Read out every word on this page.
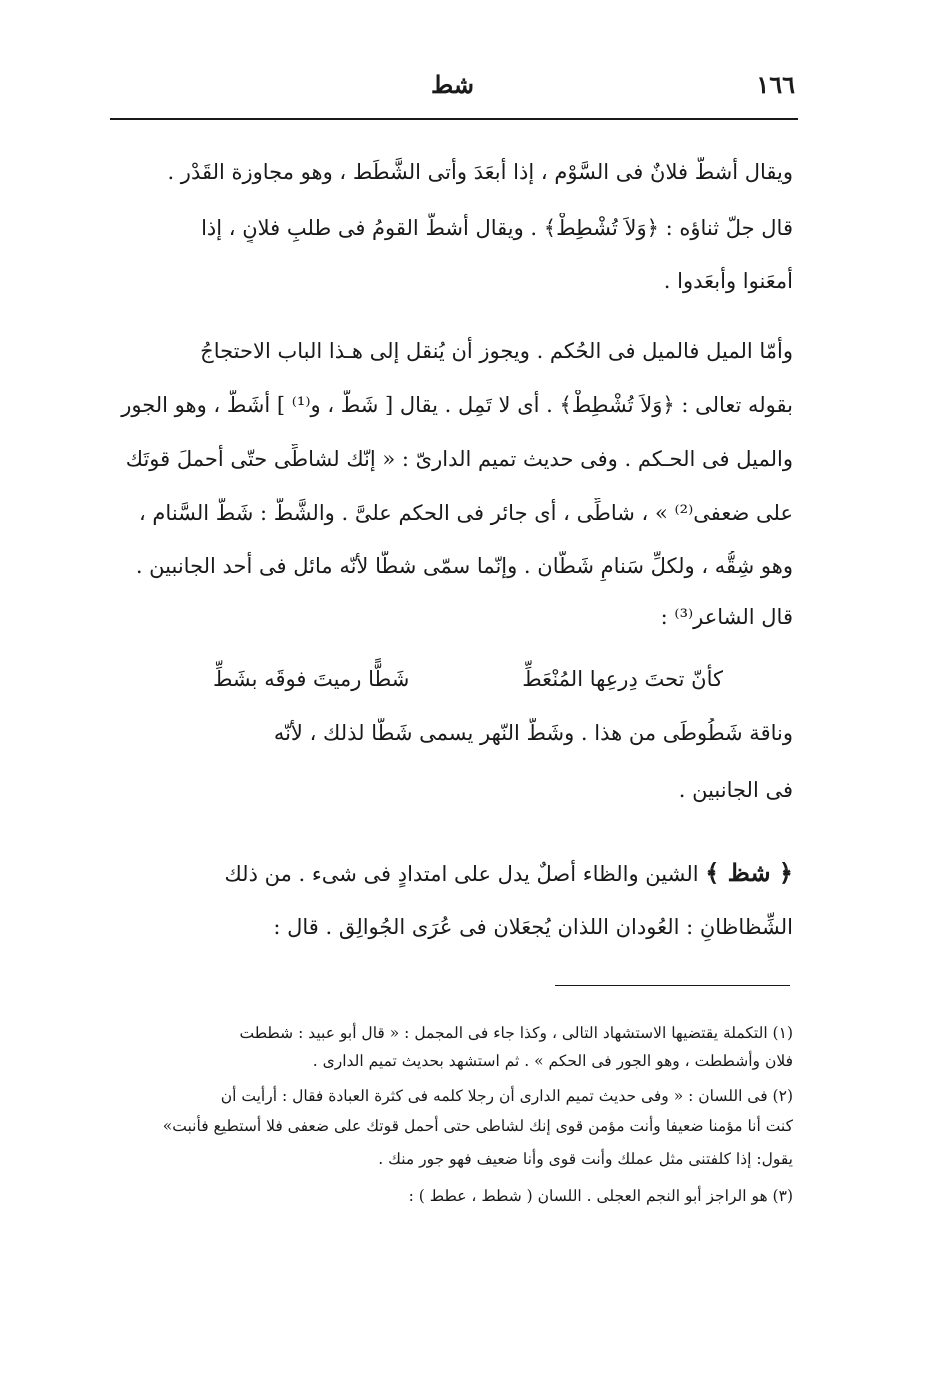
١٦٦
شط
ويقال أشطَّ فلانٌ فى السَّوْم ، إذا أبعَدَ وأتى الشَّطَط ، وهو مجاوزة القَدْر .
قال جلّ ثناؤه : ﴿وَلاَ تُشْطِطْ﴾ . ويقال أشطَّ القومُ فى طلبِ فلانٍ ، إذا
أمعَنوا وأبعَدوا .
وأمّا الميل فالميل فى الحُكم . ويجوز أن يُنقل إلى هـذا الباب الاحتجاجُ
بقوله تعالى : ﴿وَلاَ تُشْطِطْ﴾ . أى لا تَمِل . يقال [ شَطَّ ، و⁽¹⁾ ] أشَطَّ ، وهو الجور
والميل فى الحـكم . وفى حديث تميم الدارىّ : « إنّك لشاطِّى حتّى أحملَ قوتَك
على ضعفى⁽²⁾ » ، شاطِّى ، أى جائر فى الحكم علىَّ . والشَّطُّ : شَطُّ السَّنام ،
وهو شِقُّه ، ولكلِّ سَنامٍ شَطَّان . وإنّما سمّى شطًّا لأنّه مائل فى أحد الجانبين .
قال الشاعر⁽³⁾ :
كأنّ تحتَ دِرعِها المُنْعَطِّ
شَطًّا رميتَ فوقَه بشَطِّ
وناقة شَطُوطَى من هذا . وشَطُّ النّهر يسمى شَطًّا لذلك ، لأنّه
فى الجانبين .
﴿ شظ ﴾ الشين والظاء أصلٌ يدل على امتدادٍ فى شىء . من ذلك
الشِّظاظانِ : العُودان اللذان يُجعَلان فى عُرَى الجُوالِق . قال :
(١) التكملة يقتضيها الاستشهاد التالى ، وكذا جاء فى المجمل : « قال أبو عبيد : شططت
فلان وأشططت ، وهو الجور فى الحكم » . ثم استشهد بحديث تميم الدارى .
(٢) فى اللسان : « وفى حديث تميم الدارى أن رجلا كلمه فى كثرة العبادة فقال : أرأيت أن
كنت أنا مؤمنا ضعيفا وأنت مؤمن قوى إنك لشاطى حتى أحمل قوتك على ضعفى فلا أستطيع فأنبت»
يقول: إذا كلفتنى مثل عملك وأنت قوى وأنا ضعيف فهو جور منك .
(٣) هو الراجز أبو النجم العجلى . اللسان ( شطط ، عطط ) :
